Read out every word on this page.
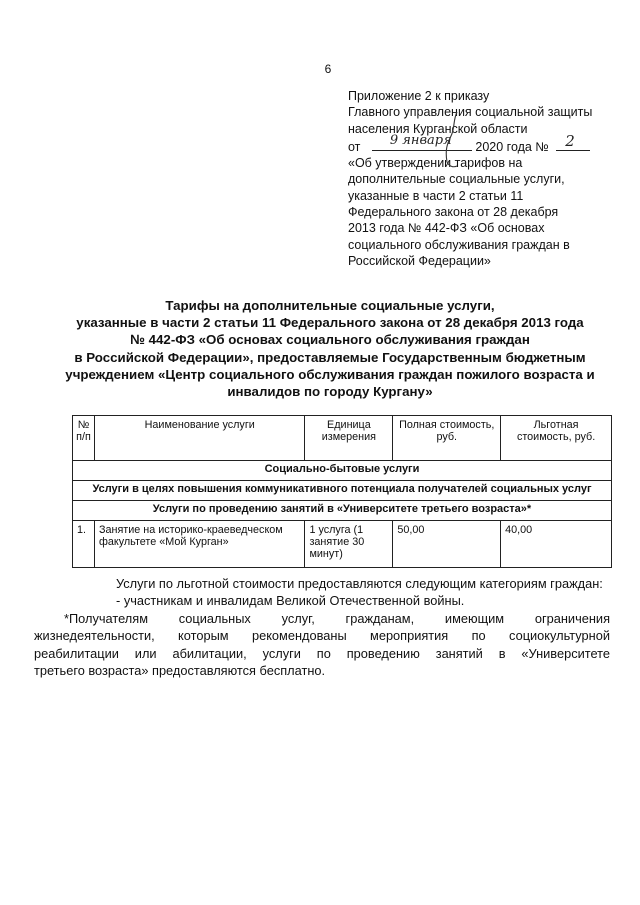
6
Приложение 2 к приказу
Главного управления социальной защиты
населения Курганской области
от 9 января 2020 года № 2
«Об утверждении тарифов на
дополнительные социальные услуги,
указанные в части 2 статьи 11
Федерального закона от 28 декабря
2013 года № 442-ФЗ «Об основах
социального обслуживания граждан в
Российской Федерации»
Тарифы на дополнительные социальные услуги,
указанные в части 2 статьи 11 Федерального закона от 28 декабря 2013 года
№ 442-ФЗ «Об основах социального обслуживания граждан
в Российской Федерации», предоставляемые Государственным бюджетным
учреждением «Центр социального обслуживания граждан пожилого возраста и
инвалидов по городу Кургану»
№ п/п	Наименование услуги	Единица измерения	Полная стоимость, руб.	Льготная стоимость, руб.
Социально-бытовые услуги				
Услуги в целях повышения коммуникативного потенциала получателей социальных услуг				
Услуги по проведению занятий в «Университете третьего возраста»*				
1.	Занятие на историко-краеведческом факультете «Мой Курган»	1 услуга (1 занятие 30 минут)	50,00	40,00

Услуги по льготной стоимости предоставляются следующим категориям граждан:

- участникам и инвалидам Великой Отечественной войны.

*Получателям социальных услуг, гражданам, имеющим ограничения

жизнедеятельности, которым рекомендованы мероприятия по социокультурной

реабилитации или абилитации, услуги по проведению занятий в «Университете

третьего возраста» предоставляются бесплатно.
